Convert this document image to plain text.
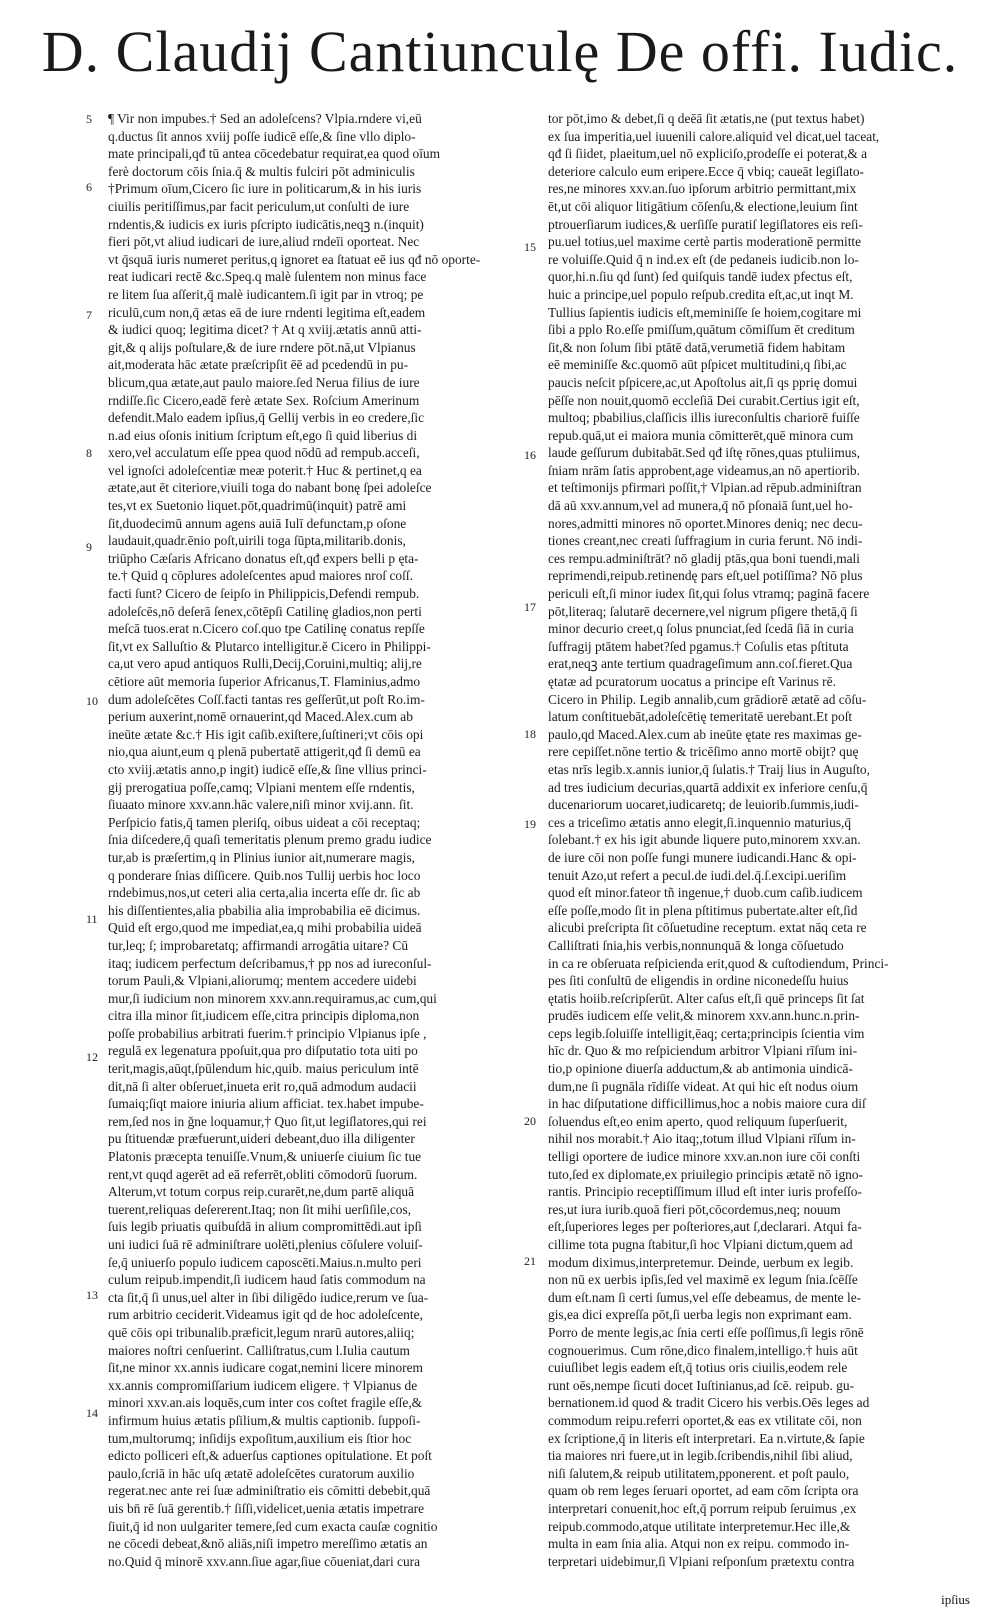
D. Claudij Cantiunculę De offi. Iudic.
¶ Vir non impubes.† Sed an adoleſcens? Vlpia.rndere vi,eū
q.ductus ſit annos xviij poſſe iudicē eſſe,& ſine vllo diplo-
mate principali,qđ tū antea cōcedebatur requirat,ea quod oīum
ferè doctorum cōis ſnia.q̄ & multis fulciri pōt adminiculis
†Primum oīum,Cicero ſic iure in politicarum,& in his iuris
ciuilis peritiſſimus,par facit periculum,ut conſulti de iure
rndentis,& iudicis ex iuris pſcripto iudicātis,neqꝫ n.(inquit)
fieri pōt,vt aliud iudicari de iure,aliud rndeīi oporteat. Nec
vt q̄squā iuris numeret peritus,q ignoret ea ſtatuat eē ius qđ nō oporte-
reat iudicari rectē &c.Speq.q malè ſulentem non minus face
re litem ſua aſſerit,q̄ malè iudicantem.ſi igit par in vtroq; pe
riculū,cum non,q̄ ætas eā de iure rndenti legitima eſt,eadem
& iudici quoq; legitima dicet? † At q xviij.ætatis annū atti-
git,& q alijs poſtulare,& de iure rndere pōt.nā,ut Vlpianus
ait,moderata hāc ætate præſcripſit ēē ad pcedendū in pu-
blicum,qua ætate,aut paulo maiore.ſed Nerua filius de iure
rndiſſe.ſic Cicero,eadē ferè ætate Sex. Roſcium Amerinum
defendit.Malo eadem ipſius,q̄ Gellij verbis in eo credere,ſic
n.ad eius oſonis initium ſcriptum eſt,ego ſi quid liberius di
xero,vel acculatum eſſe ppea quod nōdū ad rempub.acceſi,
vel ignoſci adoleſcentiæ meæ poterit.† Huc & pertinet,q ea
ætate,aut ēt citeriore,viuili toga do nabant bonę ſpei adoleſce
tes,vt ex Suetonio liquet.pōt,quadrimū(inquit) patrē ami
ſit,duodecimū annum agens auiā Iulī defunctam,p oſone
laudauit,quadr.ēnio poſt,uirili toga ſūpta,militarib.donis,
triūpho Cæſaris Africano donatus eſt,qđ expers belli p ęta-
te.† Quid q cōplures adoleſcentes apud maiores nroſ coſſ.
facti ſunt? Cicero de ſeipſo in Philippicis,Defendi rempub.
adoleſcēs,nō deſerā ſenex,cōtēpſi Catilinę gladios,non perti
meſcā tuos.erat n.Cicero coſ.quo tpe Catilinę conatus repſſe
ſit,vt ex Salluſtio & Plutarco intelligitur.ĕ Cicero in Philippi-
ca,ut vero apud antiquos Rulli,Decij,Coruini,multiq; alij,re
cētiore aūt memoria ſuperior Africanus,T. Flaminius,admo
dum adoleſcētes Coſſ.facti tantas res geſſerūt,ut poſt Ro.im-
perium auxerint,nomē ornauerint,qd Maced.Alex.cum ab
ineūte ætate &c.† His igit caſib.exiſtere,ſuſtineri;vt cōis opi
nio,qua aiunt,eum q plenā pubertatē attigerit,qđ ſi demū ea
cto xviij.ætatis anno,p ingit) iudicē eſſe,& ſine vllius princi-
gij prerogatiua poſſe,camq; Vlpiani mentem eſſe rndentis,
ſiuaato minore xxv.ann.hāc valere,niſi minor xvij.ann. ſit.
Perſpicio fatis,q̄ tamen pleriſq, oibus uideat a cōi receptaq;
ſnia diſcedere,q̄ quaſi temeritatis plenum premo gradu iudice
tur,ab is præſertim,q in Plinius iunior ait,numerare magis,
q ponderare ſnias diſſicere. Quib.nos Tullij uerbis hoc loco
rndebimus,nos,ut ceteri alia certa,alia incerta eſſe dr. ſic ab
his diſſentientes,alia pbabilia alia improbabilia eē dicimus.
Quid eſt ergo,quod me impediat,ea,q mihi probabilia uideā
tur,leq; ſ; improbaretatq; affirmandi arrogātia uitare? Cū
itaq; iudicem perfectum deſcribamus,† pp nos ad iureconſul-
torum Pauli,& Vlpiani,aliorumq; mentem accedere uidebi
mur,ſi iudicium non minorem xxv.ann.requiramus,ac cum,qui
citra illa minor ſit,iudicem eſſe,citra principis diploma,non
poſſe probabilius arbitrati fuerim.† principio Vlpianus ipſe ,
regulā ex legenatura ppoſuit,qua pro diſputatio tota uiti po
terit,magis,aūqt,ſpūlendum hic,quib. maius periculum intē
dit,nā ſi alter obſeruet,inueta erit ro,quā admodum audacii
ſumaiq;ſiqt maiore iniuria alium afficiat. tex.habet impube-
rem,ſed nos in ǧne loquamur,† Quo ſit,ut legiſlatores,qui rei
pu ſtituendæ præfuerunt,uideri debeant,duo illa diligenter
Platonis præcepta tenuiſſe.Vnum,& uniuerſe ciuium ſic tue
rent,vt quqd agerēt ad eā referrēt,obliti cōmodorū ſuorum.
Alterum,vt totum corpus reip.curarēt,ne,dum partē aliquā
tuerent,reliquas deſererent.Itaq; non ſit mihi uerſiſile,cos,
ſuis legib priuatis quibuſdā in alium compromittēdi.aut ipſi
uni iudici ſuā rē adminiſtrare uolēti,plenius cōſulere voluiſ-
ſe,q̄ uniuerſo populo iudicem caposcēti.Maius.n.multo peri
culum reipub.impendit,ſi iudicem haud ſatis commodum na
cta ſit,q̄ ſi unus,uel alter in ſibi diligēdo iudice,rerum ve ſua-
rum arbitrio ceciderit.Videamus igit qd de hoc adoleſcente,
quē cōis opi tribunalib.præficit,legum nrarū autores,aliiq;
maiores noſtri cenſuerint. Calliſtratus,cum l.Iulia cautum
ſit,ne minor xx.annis iudicare cogat,nemini licere minorem
xx.annis compromiſſarium iudicem eligere. † Vlpianus de
minori xxv.an.ais loquēs,cum inter cos coſtet fragile eſſe,&
infirmum huius ætatis pſilium,& multis captionib. ſuppoſi-
tum,multorumq; inſidijs expoſitum,auxilium eis ſtior hoc
edicto polliceri eſt,& aduerſus captiones opitulatione. Et poſt
paulo,ſcriā in hāc uſq ætatē adoleſcētes curatorum auxilio
regerat.nec ante rei ſuæ adminiſtratio eis cōmitti debebit,quā
uis bn̄ rē ſuā gerentib.† ſiſſi,videlicet,uenia ætatis impetrare
ſiuit,q̄ id non uulgariter temere,ſed cum exacta cauſæ cognitio
ne cōcedi debeat,&nō aliās,niſi impetro mereſſimo ætatis an
no.Quid q̄ minorē xxv.ann.ſiue agar,ſiue cōueniat,dari cura
tor pōt,imo & debet,ſi q deēā ſit ætatis,ne (put textus habet)
ex ſua imperitia,uel iuuenili calore.aliquid vel dicat,uel taceat,
qđ ſi ſiidet, plaeitum,uel nō expliciſo,prodeſſe ei poterat,& a
deteriore calculo eum eripere.Ecce q̄ vbiq; caueāt legiſlato-
res,ne minores xxv.an.ſuo ipſorum arbitrio permittant,mix
ēt,ut cōi aliquor litigātium cōſenſu,& electione,leuium ſint
ptrouerſiarum iudices,& uerſiſſe puratiſ legiſlatores eis reſi-
pu.uel totius,uel maxime certè partis moderationē permitte
re voluiſſe.Quid q̄ n ind.ex eſt (de pedaneis iudicib.non lo-
quor,hi.n.ſiu qd ſunt) ſed quiſquis tandē iudex pfectus eſt,
huic a principe,uel populo reſpub.credita eſt,ac,ut inqt M.
Tullius ſapientis iudicis eſt,meminiſſe ſe hoiem,cogitare mi
ſibi a pplo Ro.eſſe pmiſſum,quātum cōmiſſum ēt creditum
ſit,& non ſolum ſibi ptātē datā,verumetiā fidem habitam
eē meminiſſe &c.quomō aūt pſpicet multitudini,q ſibi,ac
paucis neſcit pſpicere,ac,ut Apoſtolus ait,ſi qs pprię domui
pēſſe non nouit,quomō eccleſiā Dei curabit.Certius igit eſt,
multoq; pbabilius,claſſicis illis iureconſultis chariorē fuiſſe
repub.quā,ut ei maiora munia cōmitterēt,quē minora cum
laude geſſurum dubitabāt.Sed qđ iſtę rōnes,quas ptuliimus,
ſniam nrām ſatis approbent,age videamus,an nō apertiorib.
et teſtimonijs pfirmari poſſit,† Vlpian.ad rēpub.adminiſtran
dā aū xxv.annum,vel ad munera,q̄ nō pſonaiā ſunt,uel ho-
nores,admitti minores nō oportet.Minores deniq; nec decu-
tiones creant,nec creati ſuffragium in curia ferunt. Nō indi-
ces rempu.adminiſtrāt? nō gladij ptās,qua boni tuendi,mali
reprimendi,reipub.retinendę pars eſt,uel potiſſima? Nō plus
periculi eſt,ſi minor iudex ſit,qui ſolus vtramq; paginā facere
pōt,literaq; ſalutarē decernere,vel nigrum pſigere thetā,q̄ ſi
minor decurio creet,q ſolus pnunciat,ſed ſcedā ſiā in curia
ſuffragij ptātem habet?ſed pgamus.† Coſulis etas pſtituta
erat,neqꝫ ante tertium quadrageſimum ann.coſ.fieret.Qua
ętatæ ad pcuratorum uocatus a principe eſt Varinus rē.
Cicero in Philip. Legib annalib,cum grādiorē ætatē ad cōſu-
latum conſtituebāt,adoleſcētię temeritatē uerebant.Et poſt
paulo,qd Maced.Alex.cum ab ineūte ętate res maximas ge-
rere cepiſſet.nōne tertio & tricēſimo anno mortē obijt? quę
etas nrīs legib.x.annis iunior,q̄ ſulatis.† Traij lius in Auguſto,
ad tres iudicium decurias,quartā addixit ex inferiore cenſu,q̄
ducenariorum uocaret,iudicaretq; de leuiorib.ſummis,iudi-
ces a triceſimo ætatis anno elegit,ſi.inquennio maturius,q̄
ſolebant.† ex his igit abunde liquere puto,minorem xxv.an.
de iure cōi non poſſe fungi munere iudicandi.Hanc & opi-
tenuit Azo,ut refert a pecul.de iudi.del.q̄.ſ.excipi.ueriſim
quod eſt minor.fateor tñ ingenue,† duob.cum caſib.iudicem
eſſe poſſe,modo ſit in plena pſtitimus pubertate.alter eſt,ſid
alicubi preſcripta ſit cōſuetudine receptum. extat nāq ceta re
Calliſtrati ſnia,his verbis,nonnunquā & longa cōſuetudo
in ca re obſeruata reſpicienda erit,quod & cuſtodiendum, Princi-
pes ſiti conſultū de eligendis in ordine niconedeſſu huius
ętatis hoiib.reſcripſerūt. Alter caſus eſt,ſi quē princeps ſit ſat
prudēs iudicem eſſe velit,& minorem xxv.ann.hunc.n.prin-
ceps legib.ſoluiſſe intelligit,ēaq; certa;principis ſcientia vim
hīc dr. Quo & mo reſpiciendum arbitror Vlpiani rīſum ini-
tio,p opinione diuerſa adductum,& ab antimonia uindicā-
dum,ne ſi pugnāla rīdiſſe videat. At qui hic eſt nodus oium
in hac diſputatione difficillimus,hoc a nobis maiore cura diſ
ſoluendus eſt,eo enim aperto, quod reliquum ſuperſuerit,
nihil nos morabit.† Aio itaq;,totum illud Vlpiani rīſum in-
telligi oportere de iudice minore xxv.an.non iure cōi conſti
tuto,ſed ex diplomate,ex priuilegio principis ætatē nō igno-
rantis. Principio receptiſſimum illud eſt inter iuris profeſſo-
res,ut iura iurib.quoā fieri pōt,cōcordemus,neq; nouum
eſt,ſuperiores leges per poſteriores,aut ſ,declarari. Atqui fa-
cillime tota pugna ſtabitur,ſi hoc Vlpiani dictum,quem ad
modum diximus,interpretemur. Deinde, uerbum ex legib.
non nū ex uerbis ipſis,ſed vel maximē ex legum ſnia.ſcēſſe
dum eſt.nam ſi certi ſumus,vel eſſe debeamus, de mente le-
gis,ea dici expreſſa pōt,ſi uerba legis non exprimant eam.
Porro de mente legis,ac ſnia certi eſſe poſſimus,ſi legis rōnē
cognouerimus. Cum rōne,dico finalem,intelligo.† huis aūt
cuiuſlibet legis eadem eſt,q̄ totius oris ciuilis,eodem rele
runt oēs,nempe ſicuti docet Iuſtinianus,ad ſcē. reipub. gu-
bernationem.id quod & tradit Cicero his verbis.Oēs leges ad
commodum reipu.referri oportet,& eas ex vtilitate cōi, non
ex ſcriptione,q̄ in literis eſt interpretari. Ea n.virtute,& ſapie
tia maiores nri fuere,ut in legib.ſcribendis,nihil ſibi aliud,
niſi ſalutem,& reipub utilitatem,pponerent. et poſt paulo,
quam ob rem leges ſeruari oportet, ad eam cōm ſcripta ora
interpretari conuenit,hoc eſt,q̄ porrum reipub ſeruimus ,ex
reipub.commodo,atque utilitate interpretemur.Hec ille,&
multa in eam ſnia alia. Atqui non ex reipu. commodo in-
terpretari uidebimur,ſi Vlpiani reſponſum prætextu contra
5
6
7
8
9
10
11
12
13
14
15
16
17
18
19
20
21
ipſius
